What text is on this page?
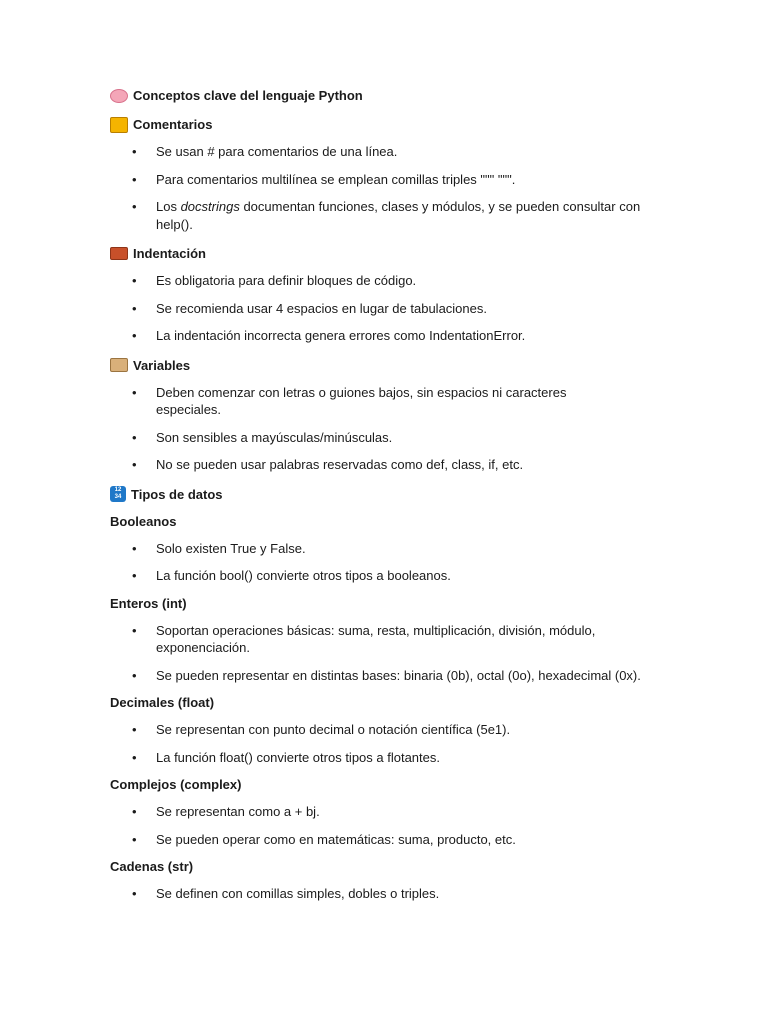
Conceptos clave del lenguaje Python
Comentarios
• Se usan # para comentarios de una línea.
• Para comentarios multilínea se emplean comillas triples """ """.
• Los docstrings documentan funciones, clases y módulos, y se pueden consultar con help().
Indentación
• Es obligatoria para definir bloques de código.
• Se recomienda usar 4 espacios en lugar de tabulaciones.
• La indentación incorrecta genera errores como IndentationError.
Variables
• Deben comenzar con letras o guiones bajos, sin espacios ni caracteres especiales.
• Son sensibles a mayúsculas/minúsculas.
• No se pueden usar palabras reservadas como def, class, if, etc.
12
34 Tipos de datos
Booleanos
• Solo existen True y False.
• La función bool() convierte otros tipos a booleanos.
Enteros (int)
• Soportan operaciones básicas: suma, resta, multiplicación, división, módulo, exponenciación.
• Se pueden representar en distintas bases: binaria (0b), octal (0o), hexadecimal (0x).
Decimales (float)
• Se representan con punto decimal o notación científica (5e1).
• La función float() convierte otros tipos a flotantes.
Complejos (complex)
• Se representan como a + bj.
• Se pueden operar como en matemáticas: suma, producto, etc.
Cadenas (str)
• Se definen con comillas simples, dobles o triples.
